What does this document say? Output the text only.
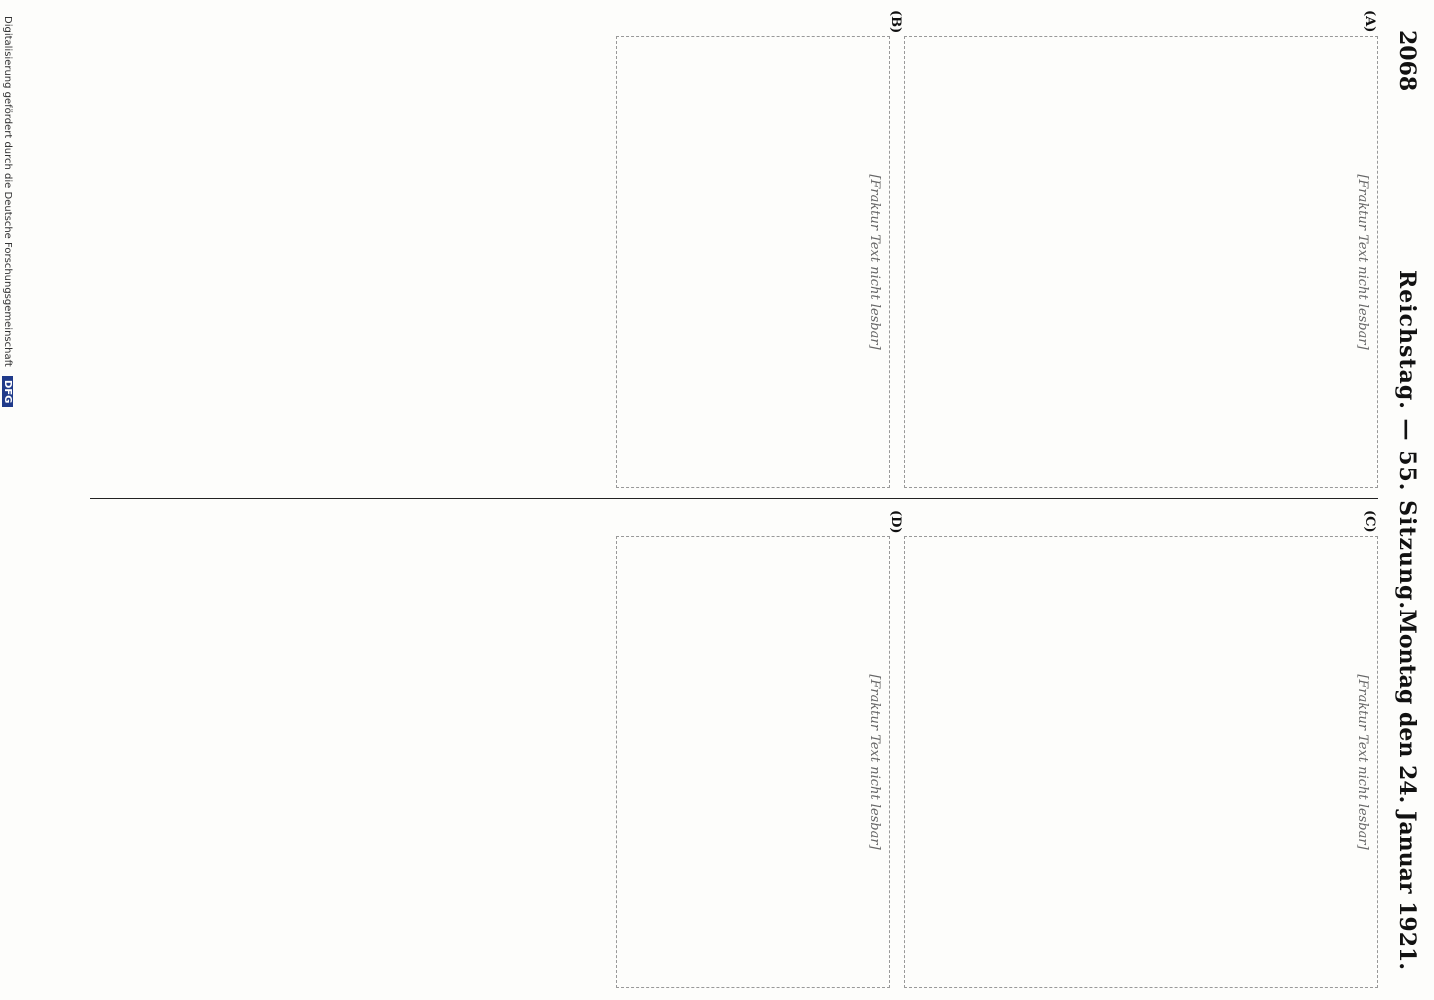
2068
Reichstag. — 55. Sitzung.
Montag den 24. Januar 1921.
(A)
[Fraktur Text nicht lesbar]
(B)
[Fraktur Text nicht lesbar]
(C)
[Fraktur Text nicht lesbar]
(D)
[Fraktur Text nicht lesbar]
Digitalisierung gefördert durch die Deutsche Forschungsgemeinschaft DFG
